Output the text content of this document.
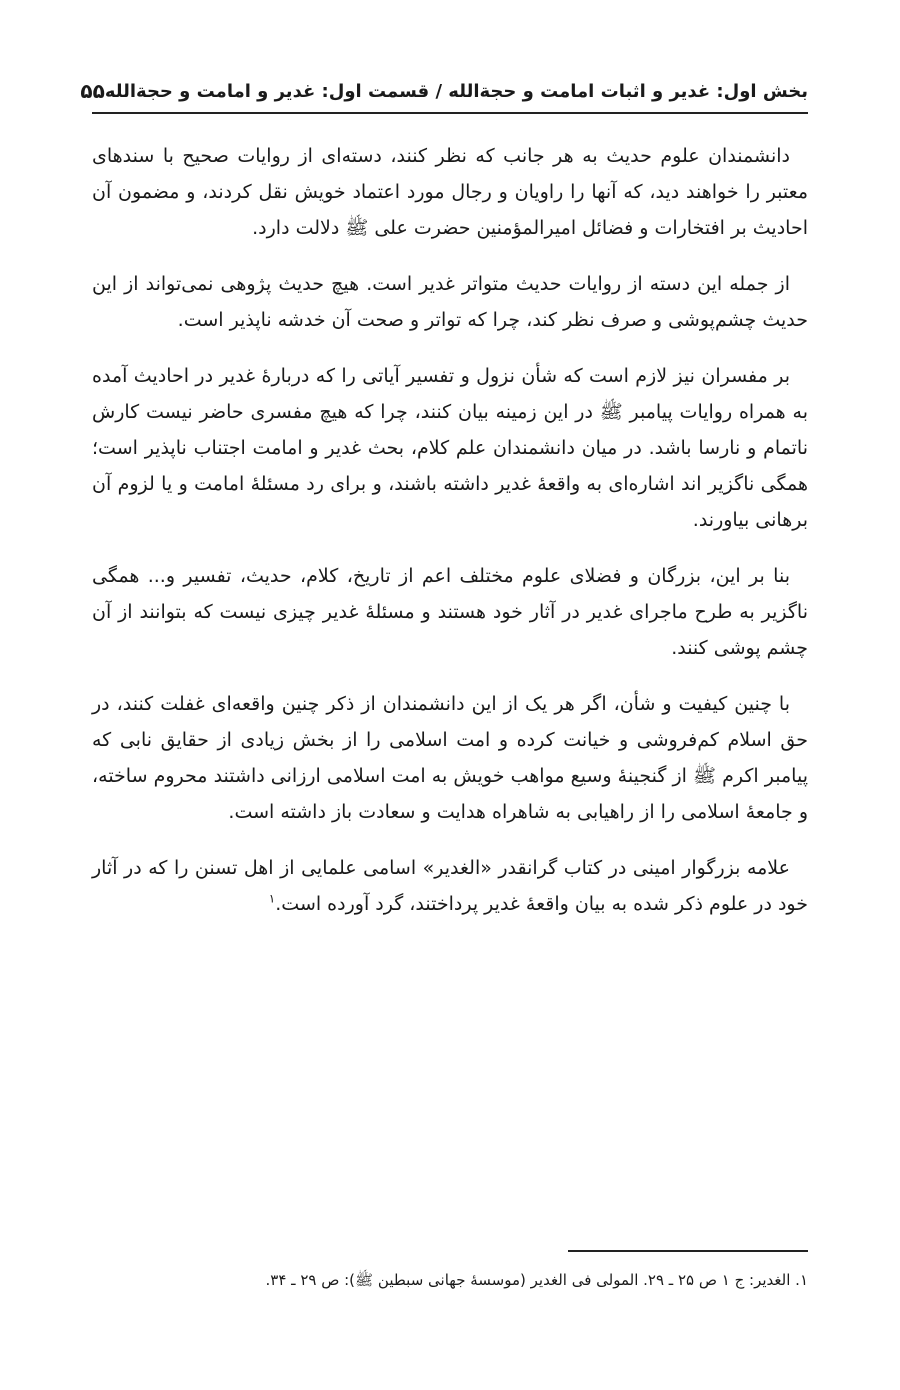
بخش اول: غدیر و اثبات امامت و حجةالله / قسمت اول: غدیر و امامت و حجةالله
۵۵

دانشمندان علوم حدیث به هر جانب که نظر کنند، دسته‌ای از روایات صحیح با سندهای معتبر را خواهند دید، که آنها را راویان و رجال مورد اعتماد خویش نقل کردند، و مضمون آن احادیث بر افتخارات و فضائل امیرالمؤمنین حضرت علی ﷺ دلالت دارد.

از جمله این دسته از روایات حدیث متواتر غدیر است. هیچ حدیث پژوهی نمی‌تواند از این حدیث چشم‌پوشی و صرف نظر کند، چرا که تواتر و صحت آن خدشه ناپذیر است.

بر مفسران نیز لازم است که شأن نزول و تفسیر آیاتی را که دربارهٔ غدیر در احادیث آمده به همراه روایات پیامبر ﷺ در این زمینه بیان کنند، چرا که هیچ مفسری حاضر نیست کارش ناتمام و نارسا باشد. در میان دانشمندان علم کلام، بحث غدیر و امامت اجتناب ناپذیر است؛ همگی ناگزیر اند اشاره‌ای به واقعهٔ غدیر داشته باشند، و برای رد مسئلهٔ امامت و یا لزوم آن برهانی بیاورند.

بنا بر این، بزرگان و فضلای علوم مختلف اعم از تاریخ، کلام، حدیث، تفسیر و... همگی ناگزیر به طرح ماجرای غدیر در آثار خود هستند و مسئلهٔ غدیر چیزی نیست که بتوانند از آن چشم پوشی کنند.

با چنین کیفیت و شأن، اگر هر یک از این دانشمندان از ذکر چنین واقعه‌ای غفلت کنند، در حق اسلام کم‌فروشی و خیانت کرده و امت اسلامی را از بخش زیادی از حقایق نابی که پیامبر اکرم ﷺ از گنجینهٔ وسیع مواهب خویش به امت اسلامی ارزانی داشتند محروم ساخته، و جامعهٔ اسلامی را از راهیابی به شاهراه هدایت و سعادت باز داشته است.

علامه بزرگوار امینی در کتاب گرانقدر «الغدیر» اسامی علمایی از اهل تسنن را که در آثار خود در علوم ذکر شده به بیان واقعهٔ غدیر پرداختند، گرد آورده است.$^۱$

۱. الغدیر: ج ۱ ص ۲۵ ـ ۲۹. المولی فی الغدیر (موسسهٔ جهانی سبطین ﷺ): ص ۲۹ ـ ۳۴.
